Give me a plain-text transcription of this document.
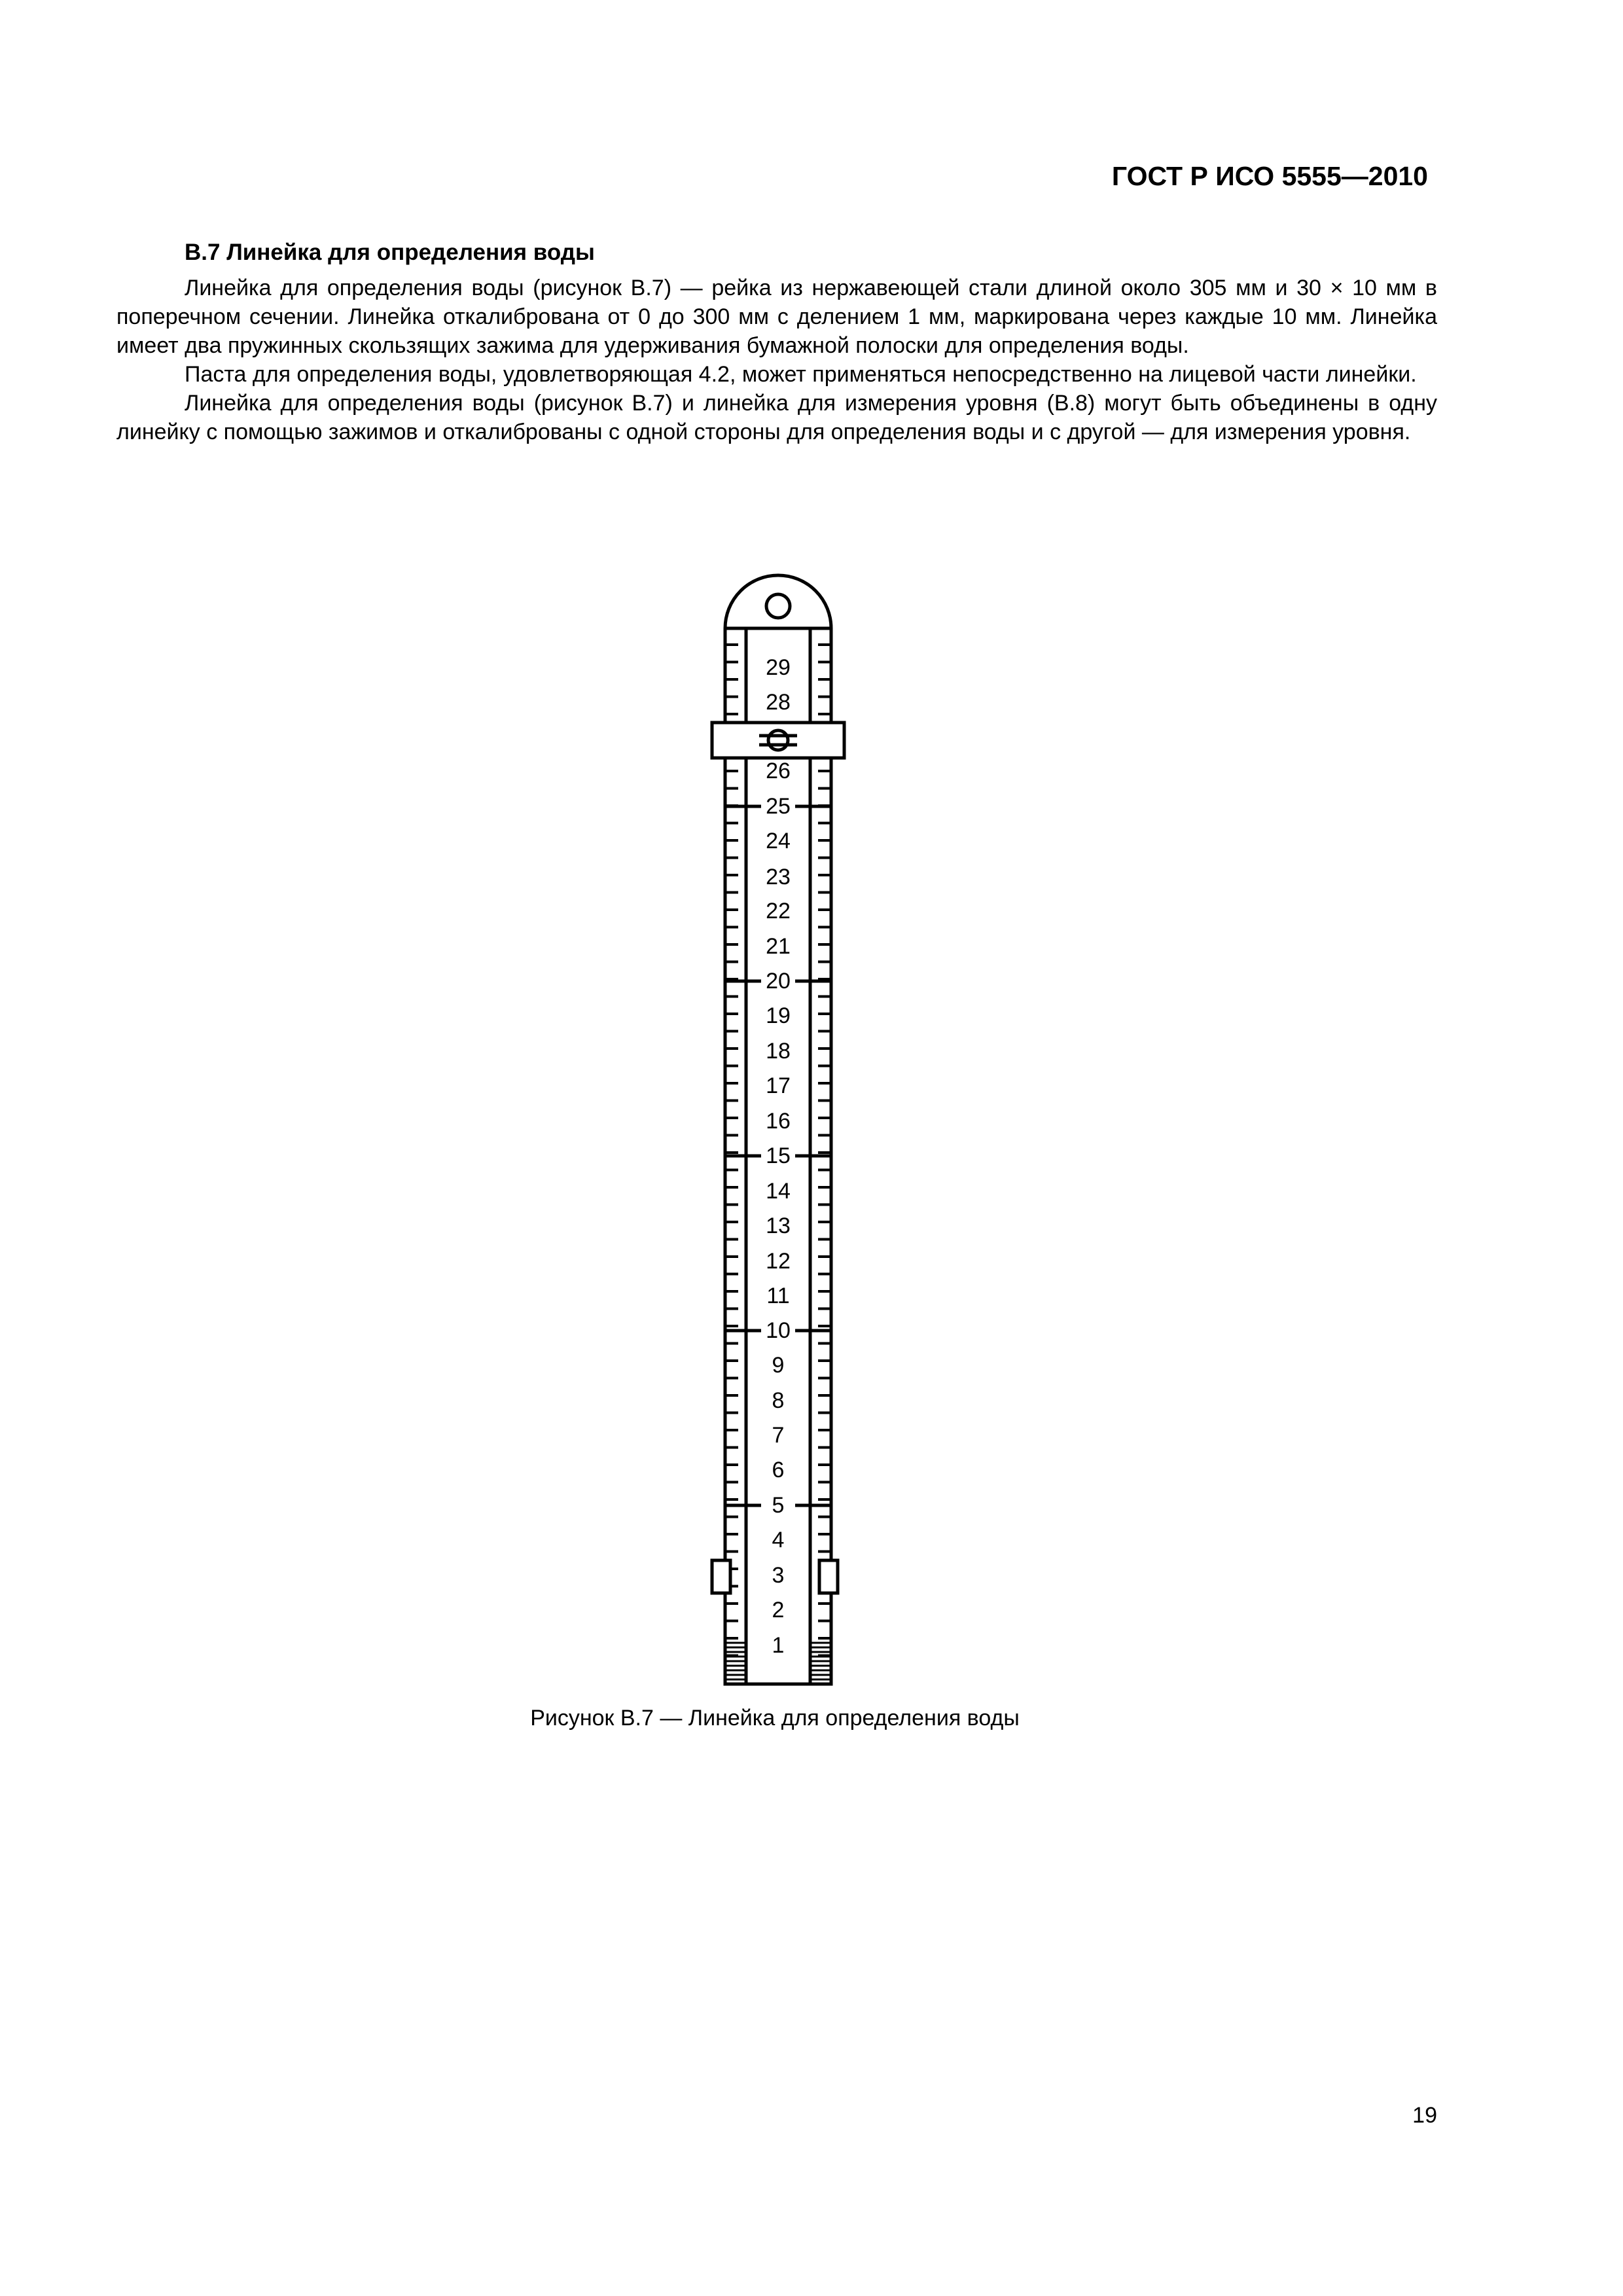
ГОСТ Р ИСО 5555—2010
В.7 Линейка для определения воды

Линейка для определения воды (рисунок В.7) — рейка из нержавеющей стали длиной около 305 мм и 30 × 10 мм в поперечном сечении. Линейка откалибрована от 0 до 300 мм с делением 1 мм, маркирована через каждые 10 мм. Линейка имеет два пружинных скользящих зажима для удерживания бумажной полоски для определения воды.

Паста для определения воды, удовлетворяющая 4.2, может применяться непосредственно на лицевой части линейки.

Линейка для определения воды (рисунок В.7) и линейка для измерения уровня (В.8) могут быть объединены в одну линейку с помощью зажимов и откалиброваны с одной стороны для определения воды и с другой — для измерения уровня.

1
2
3
4
5
6
7
8
9
10
11
12
13
14
15
16
17
18
19
20
21
22
23
24
25
26
28
29
Рисунок В.7 — Линейка для определения воды
19
